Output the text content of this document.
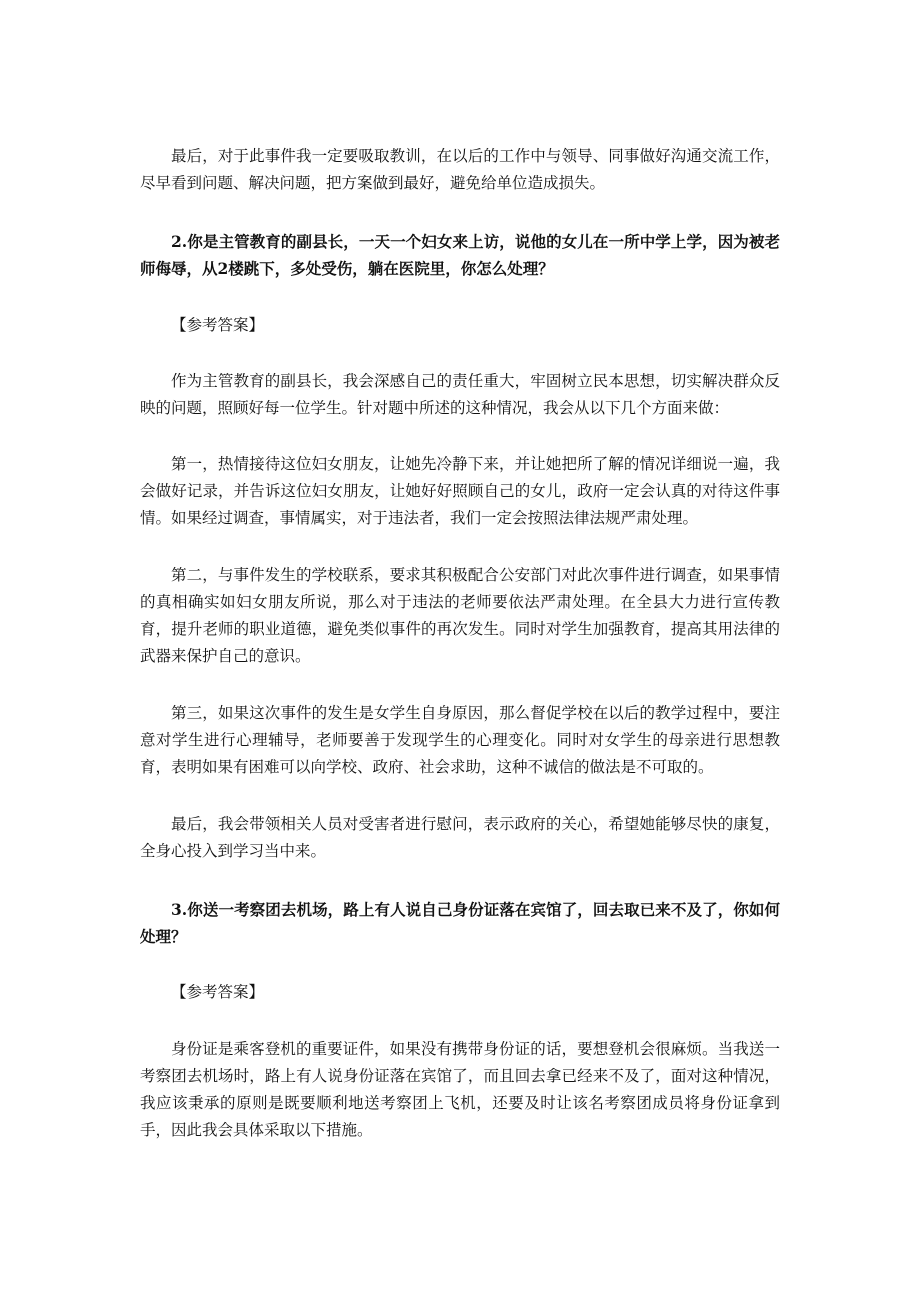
最后，对于此事件我一定要吸取教训，在以后的工作中与领导、同事做好沟通交流工作，尽早看到问题、解决问题，把方案做到最好，避免给单位造成损失。

2.你是主管教育的副县长，一天一个妇女来上访，说他的女儿在一所中学上学，因为被老师侮辱，从2楼跳下，多处受伤，躺在医院里，你怎么处理？

【参考答案】

作为主管教育的副县长，我会深感自己的责任重大，牢固树立民本思想，切实解决群众反映的问题，照顾好每一位学生。针对题中所述的这种情况，我会从以下几个方面来做：

第一，热情接待这位妇女朋友，让她先冷静下来，并让她把所了解的情况详细说一遍，我会做好记录，并告诉这位妇女朋友，让她好好照顾自己的女儿，政府一定会认真的对待这件事情。如果经过调查，事情属实，对于违法者，我们一定会按照法律法规严肃处理。

第二，与事件发生的学校联系，要求其积极配合公安部门对此次事件进行调查，如果事情的真相确实如妇女朋友所说，那么对于违法的老师要依法严肃处理。在全县大力进行宣传教育，提升老师的职业道德，避免类似事件的再次发生。同时对学生加强教育，提高其用法律的武器来保护自己的意识。

第三，如果这次事件的发生是女学生自身原因，那么督促学校在以后的教学过程中，要注意对学生进行心理辅导，老师要善于发现学生的心理变化。同时对女学生的母亲进行思想教育，表明如果有困难可以向学校、政府、社会求助，这种不诚信的做法是不可取的。

最后，我会带领相关人员对受害者进行慰问，表示政府的关心，希望她能够尽快的康复，全身心投入到学习当中来。

3.你送一考察团去机场，路上有人说自己身份证落在宾馆了，回去取已来不及了，你如何处理？

【参考答案】

身份证是乘客登机的重要证件，如果没有携带身份证的话，要想登机会很麻烦。当我送一考察团去机场时，路上有人说身份证落在宾馆了，而且回去拿已经来不及了，面对这种情况，我应该秉承的原则是既要顺利地送考察团上飞机，还要及时让该名考察团成员将身份证拿到手，因此我会具体采取以下措施。
